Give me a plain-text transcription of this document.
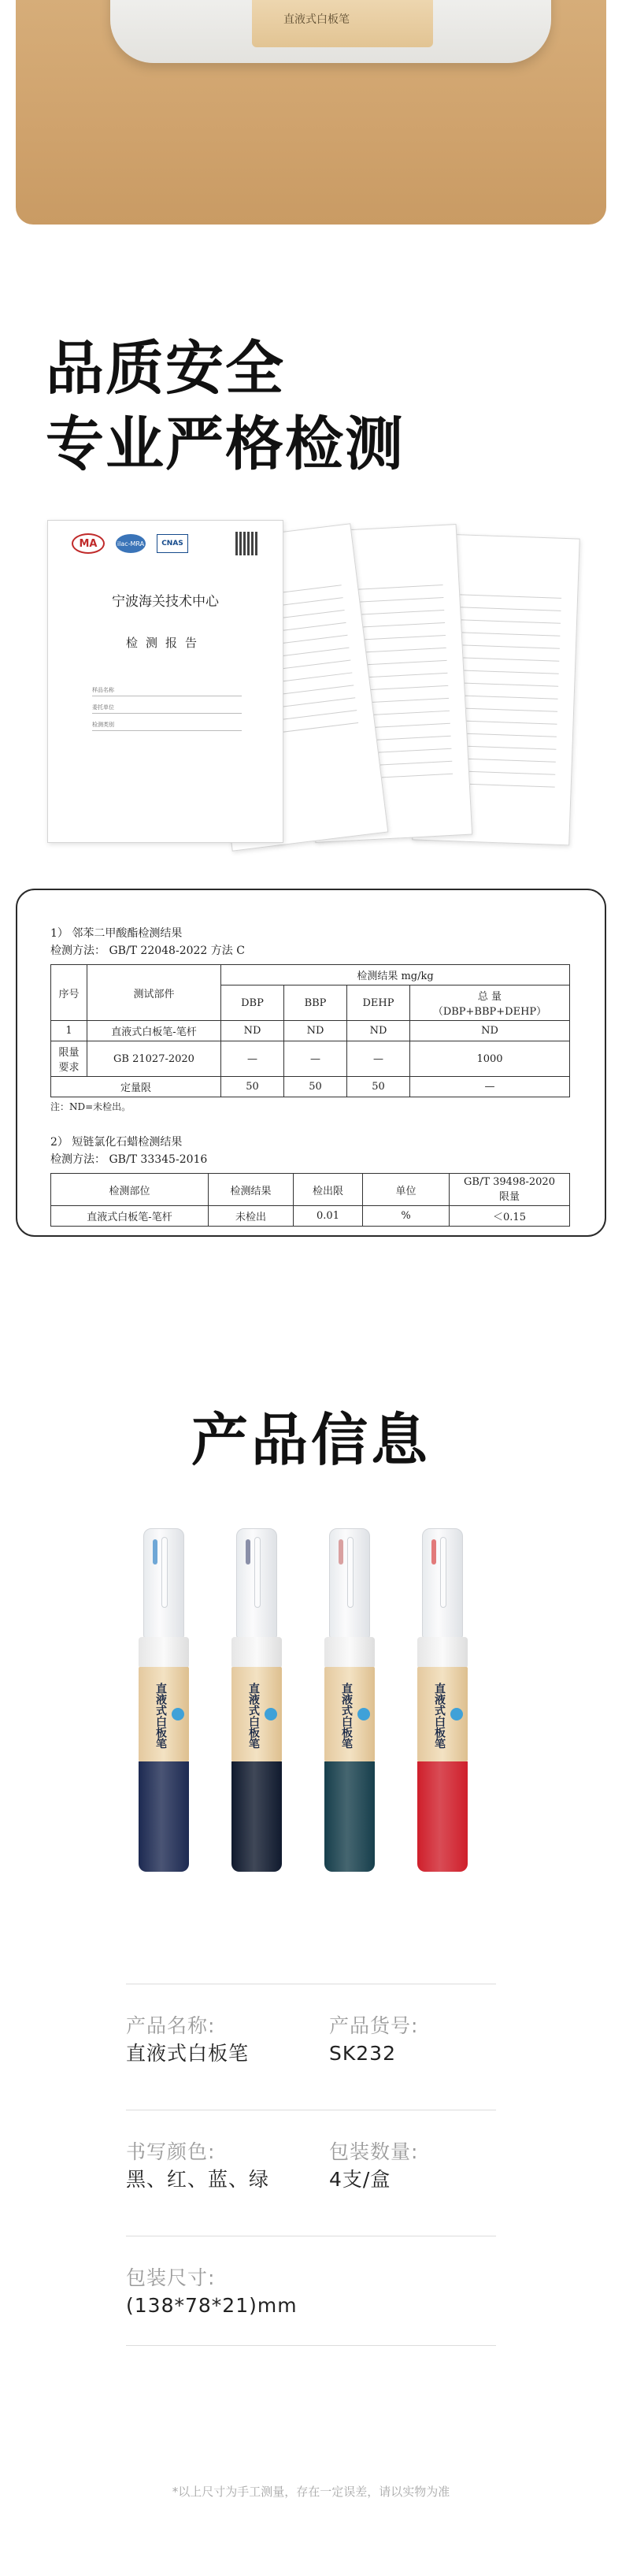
直液式白板笔
品质安全
专业严格检测
MA	ilac-MRA	CNAS
宁波海关技术中心
检测报告
样品名称
委托单位
检测类别
1） 邻苯二甲酸酯检测结果
检测方法： GB/T 22048-2022 方法 C
序号	测试部件	检测结果 mg/kg			
		DBP	BBP	DEHP	总 量
（DBP+BBP+DEHP）

1	直液式白板笔-笔杆	ND	ND	ND	ND
限量要求	GB 21027-2020	—	—	—	1000
定量限		50	50	50	—
注：ND=未检出。
2） 短链氯化石蜡检测结果
检测方法： GB/T 33345-2016
检测部位	检测结果	检出限	单位	GB/T 39498-2020
限量

直液式白板笔-笔杆	未检出	0.01	%	＜0.15
产品信息
直液式白板笔	直液式白板笔	直液式白板笔	直液式白板笔
产品名称:
直液式白板笔
产品货号:
SK232
书写颜色:
黑、红、蓝、绿
包装数量:
4支/盒
包装尺寸:
(138*78*21)mm
*以上尺寸为手工测量，存在一定误差，请以实物为准
